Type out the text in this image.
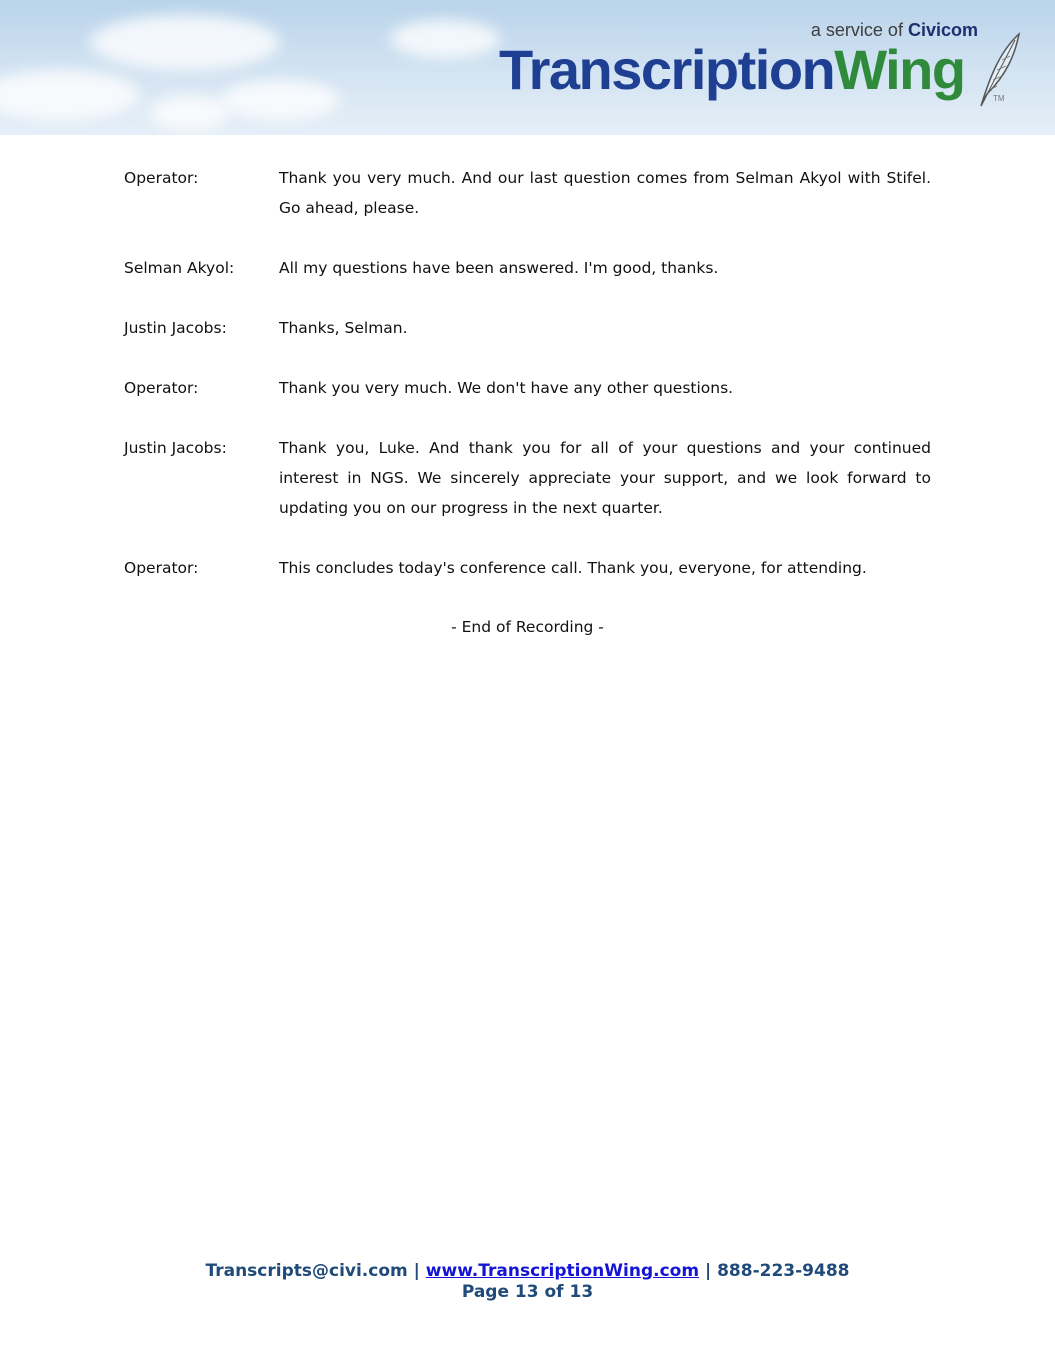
a service of Civicom
TranscriptionWing	TM
Operator:	Thank you very much. And our last question comes from Selman Akyol with Stifel. Go ahead, please.
Selman Akyol:	All my questions have been answered. I'm good, thanks.
Justin Jacobs:	Thanks, Selman.
Operator:	Thank you very much. We don't have any other questions.
Justin Jacobs:	Thank you, Luke. And thank you for all of your questions and your continued interest in NGS. We sincerely appreciate your support, and we look forward to updating you on our progress in the next quarter.
Operator:	This concludes today's conference call. Thank you, everyone, for attending.
- End of Recording -
Transcripts@civi.com | www.TranscriptionWing.com | 888-223-9488
Page 13 of 13
